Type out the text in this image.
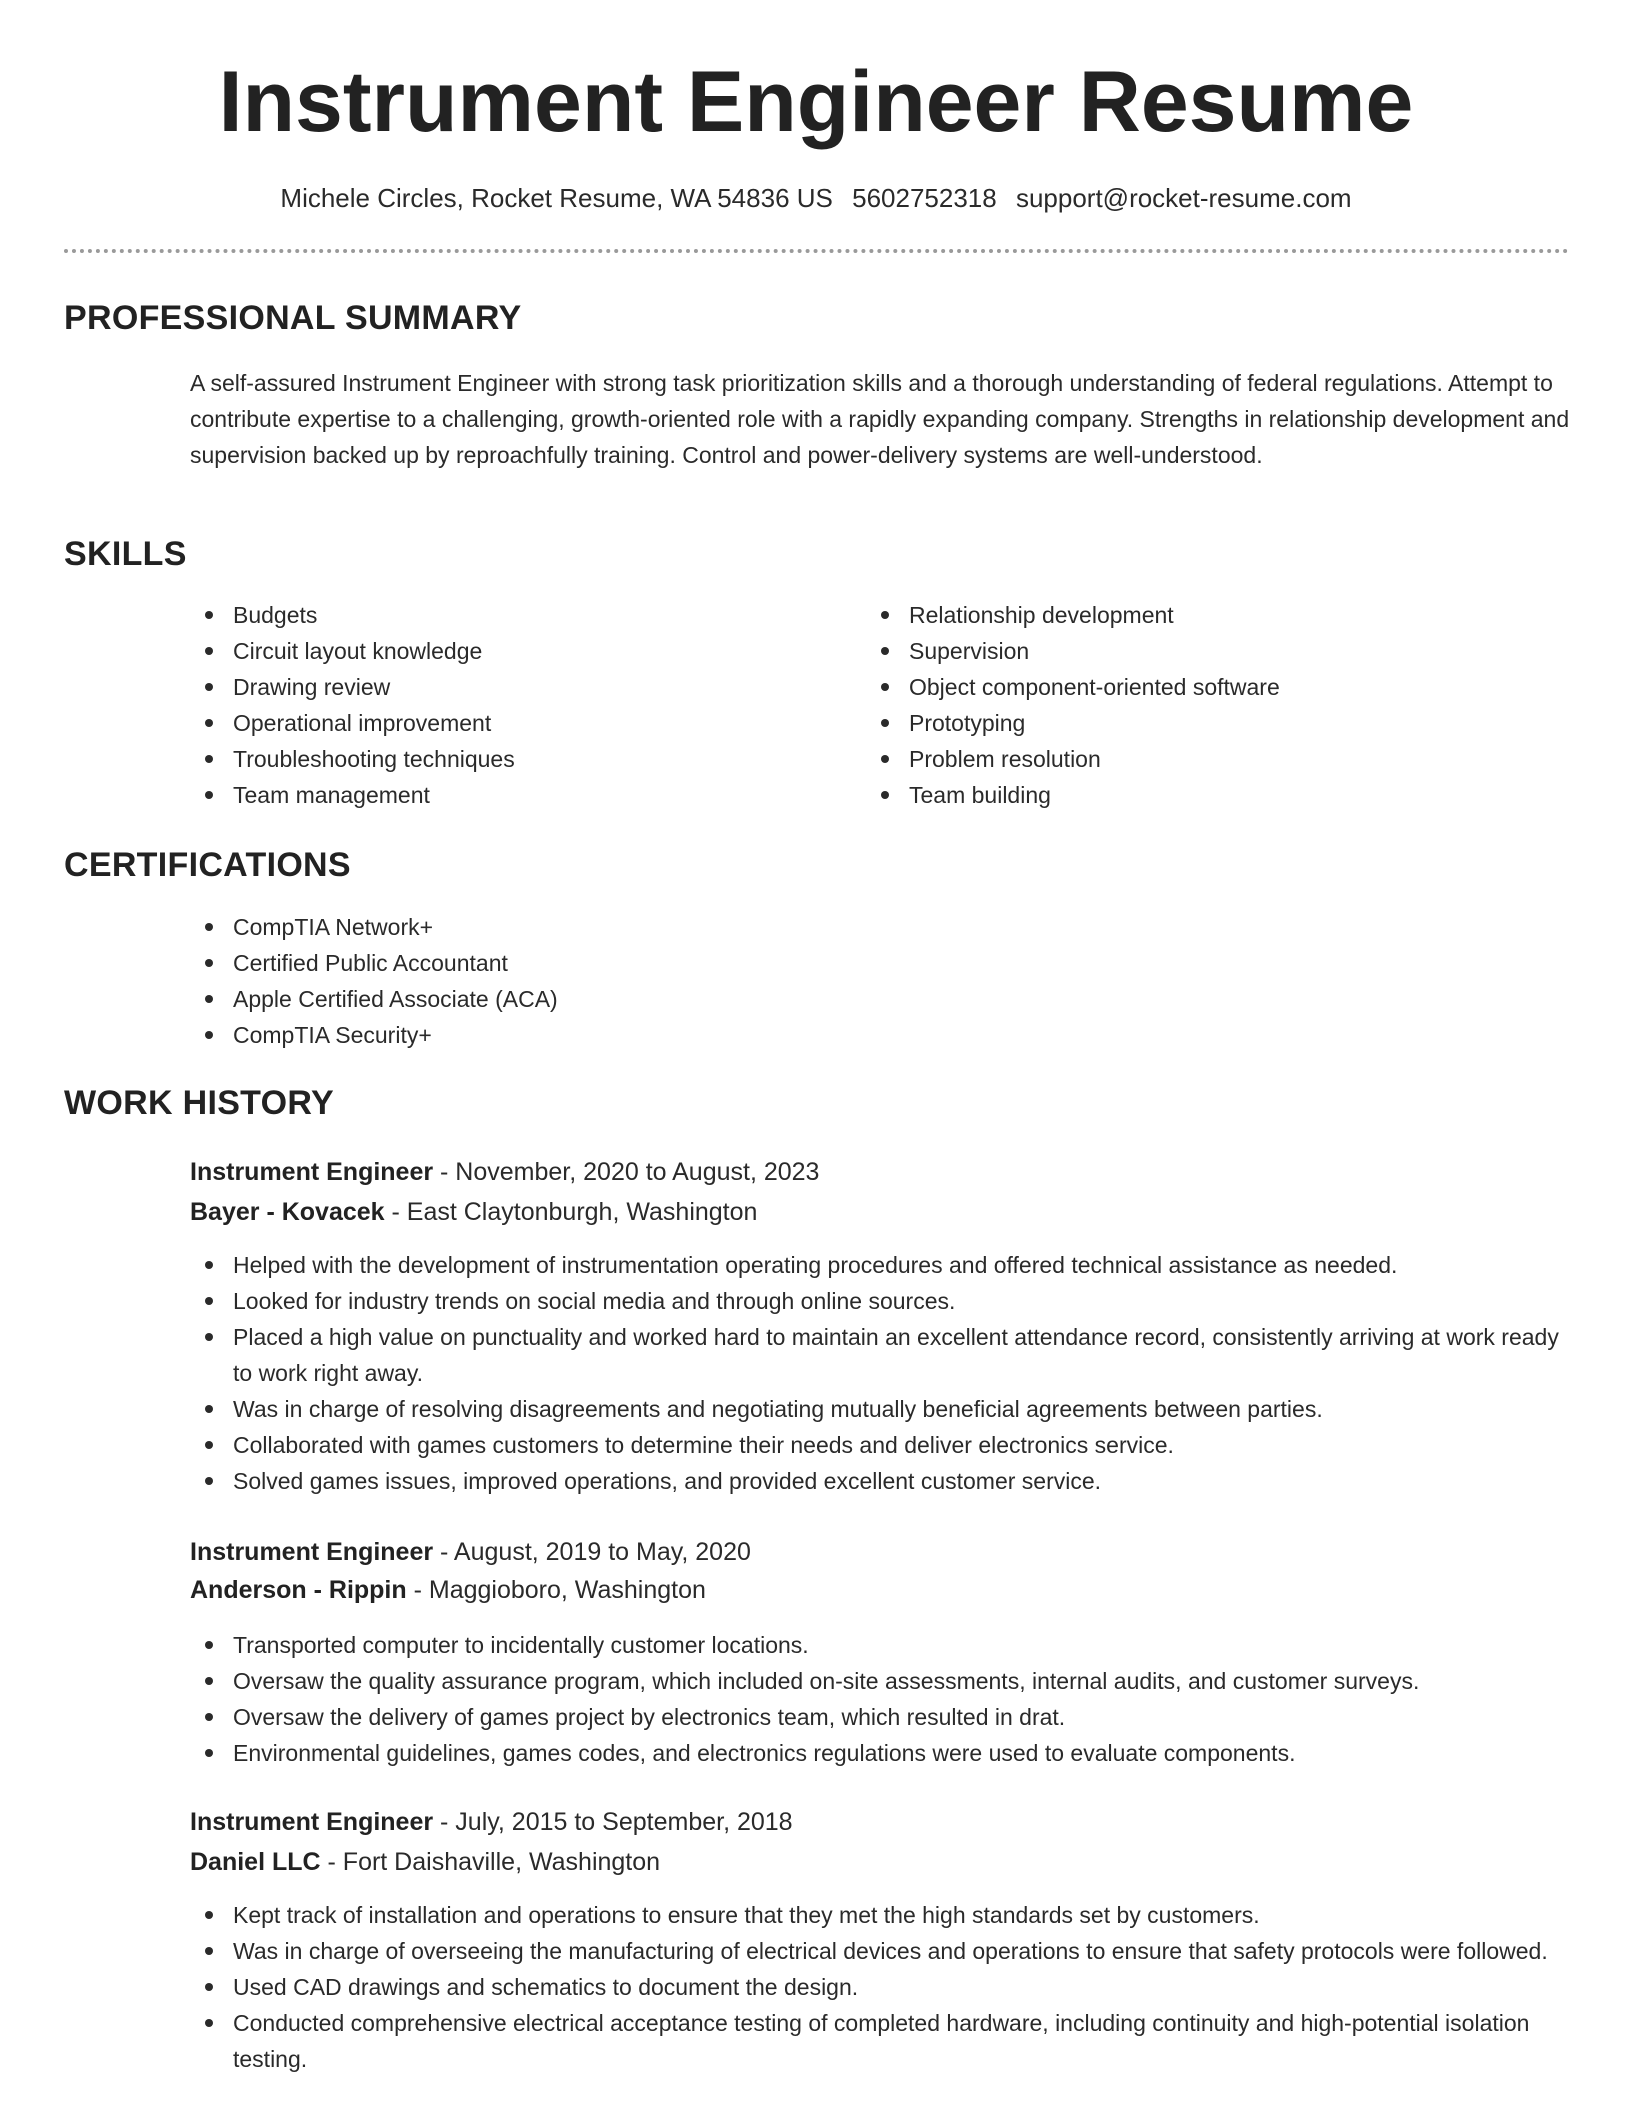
Instrument Engineer Resume
Michele Circles, Rocket Resume, WA 54836 US 5602752318 support@rocket-resume.com
PROFESSIONAL SUMMARY

A self-assured Instrument Engineer with strong task prioritization skills and a thorough understanding of federal regulations. Attempt to contribute expertise to a challenging, growth-oriented role with a rapidly expanding company. Strengths in relationship development and supervision backed up by reproachfully training. Control and power-delivery systems are well-understood.

SKILLS
Budgets
Circuit layout knowledge
Drawing review
Operational improvement
Troubleshooting techniques
Team management
Relationship development
Supervision
Object component-oriented software
Prototyping
Problem resolution
Team building
CERTIFICATIONS
CompTIA Network+
Certified Public Accountant
Apple Certified Associate (ACA)
CompTIA Security+
WORK HISTORY
Instrument Engineer - November, 2020 to August, 2023
Bayer - Kovacek - East Claytonburgh, Washington
Helped with the development of instrumentation operating procedures and offered technical assistance as needed.
Looked for industry trends on social media and through online sources.
Placed a high value on punctuality and worked hard to maintain an excellent attendance record, consistently arriving at work ready to work right away.
Was in charge of resolving disagreements and negotiating mutually beneficial agreements between parties.
Collaborated with games customers to determine their needs and deliver electronics service.
Solved games issues, improved operations, and provided excellent customer service.
Instrument Engineer - August, 2019 to May, 2020
Anderson - Rippin - Maggioboro, Washington
Transported computer to incidentally customer locations.
Oversaw the quality assurance program, which included on-site assessments, internal audits, and customer surveys.
Oversaw the delivery of games project by electronics team, which resulted in drat.
Environmental guidelines, games codes, and electronics regulations were used to evaluate components.
Instrument Engineer - July, 2015 to September, 2018
Daniel LLC - Fort Daishaville, Washington
Kept track of installation and operations to ensure that they met the high standards set by customers.
Was in charge of overseeing the manufacturing of electrical devices and operations to ensure that safety protocols were followed.
Used CAD drawings and schematics to document the design.
Conducted comprehensive electrical acceptance testing of completed hardware, including continuity and high-potential isolation testing.
